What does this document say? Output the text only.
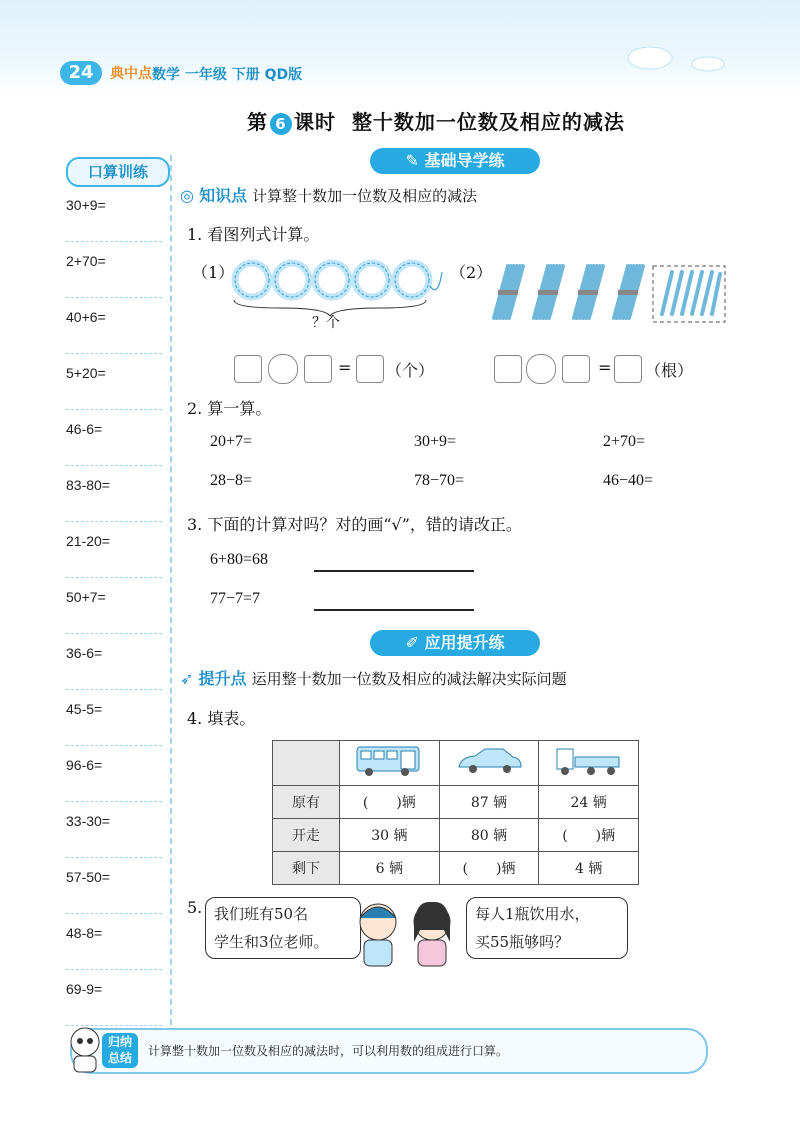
24	典中点 数学 一年级 下册 QD版
第 6 课时 整十数加一位数及相应的减法
口算训练
30+9=
2+70=
40+6=
5+20=
46-6=
83-80=
21-20=
50+7=
36-6=
45-5=
96-6=
33-30=
57-50=
48-8=
69-9=
✎ 基础导学练
◎ 知识点 计算整十数加一位数及相应的减法
1. 看图列式计算。
（1）
？个
（2）
= （个）	= （根）
2. 算一算。
20+7=	30+9=	2+70=
28−8=	78−70=	46−40=
3. 下面的计算对吗？对的画“√”，错的请改正。
6+80=68
77−7=7
✐ 应用提升练
➶ 提升点 运用整十数加一位数及相应的减法解决实际问题
4. 填表。

原有	(　　)辆	87 辆	24 辆
开走	30 辆	80 辆	(　　)辆
剩下	6 辆	(　　)辆	4 辆
5. 我们班有50名
学生和3位老师。
每人1瓶饮用水，
买55瓶够吗？
归纳
总结	计算整十数加一位数及相应的减法时，可以利用数的组成进行口算。
